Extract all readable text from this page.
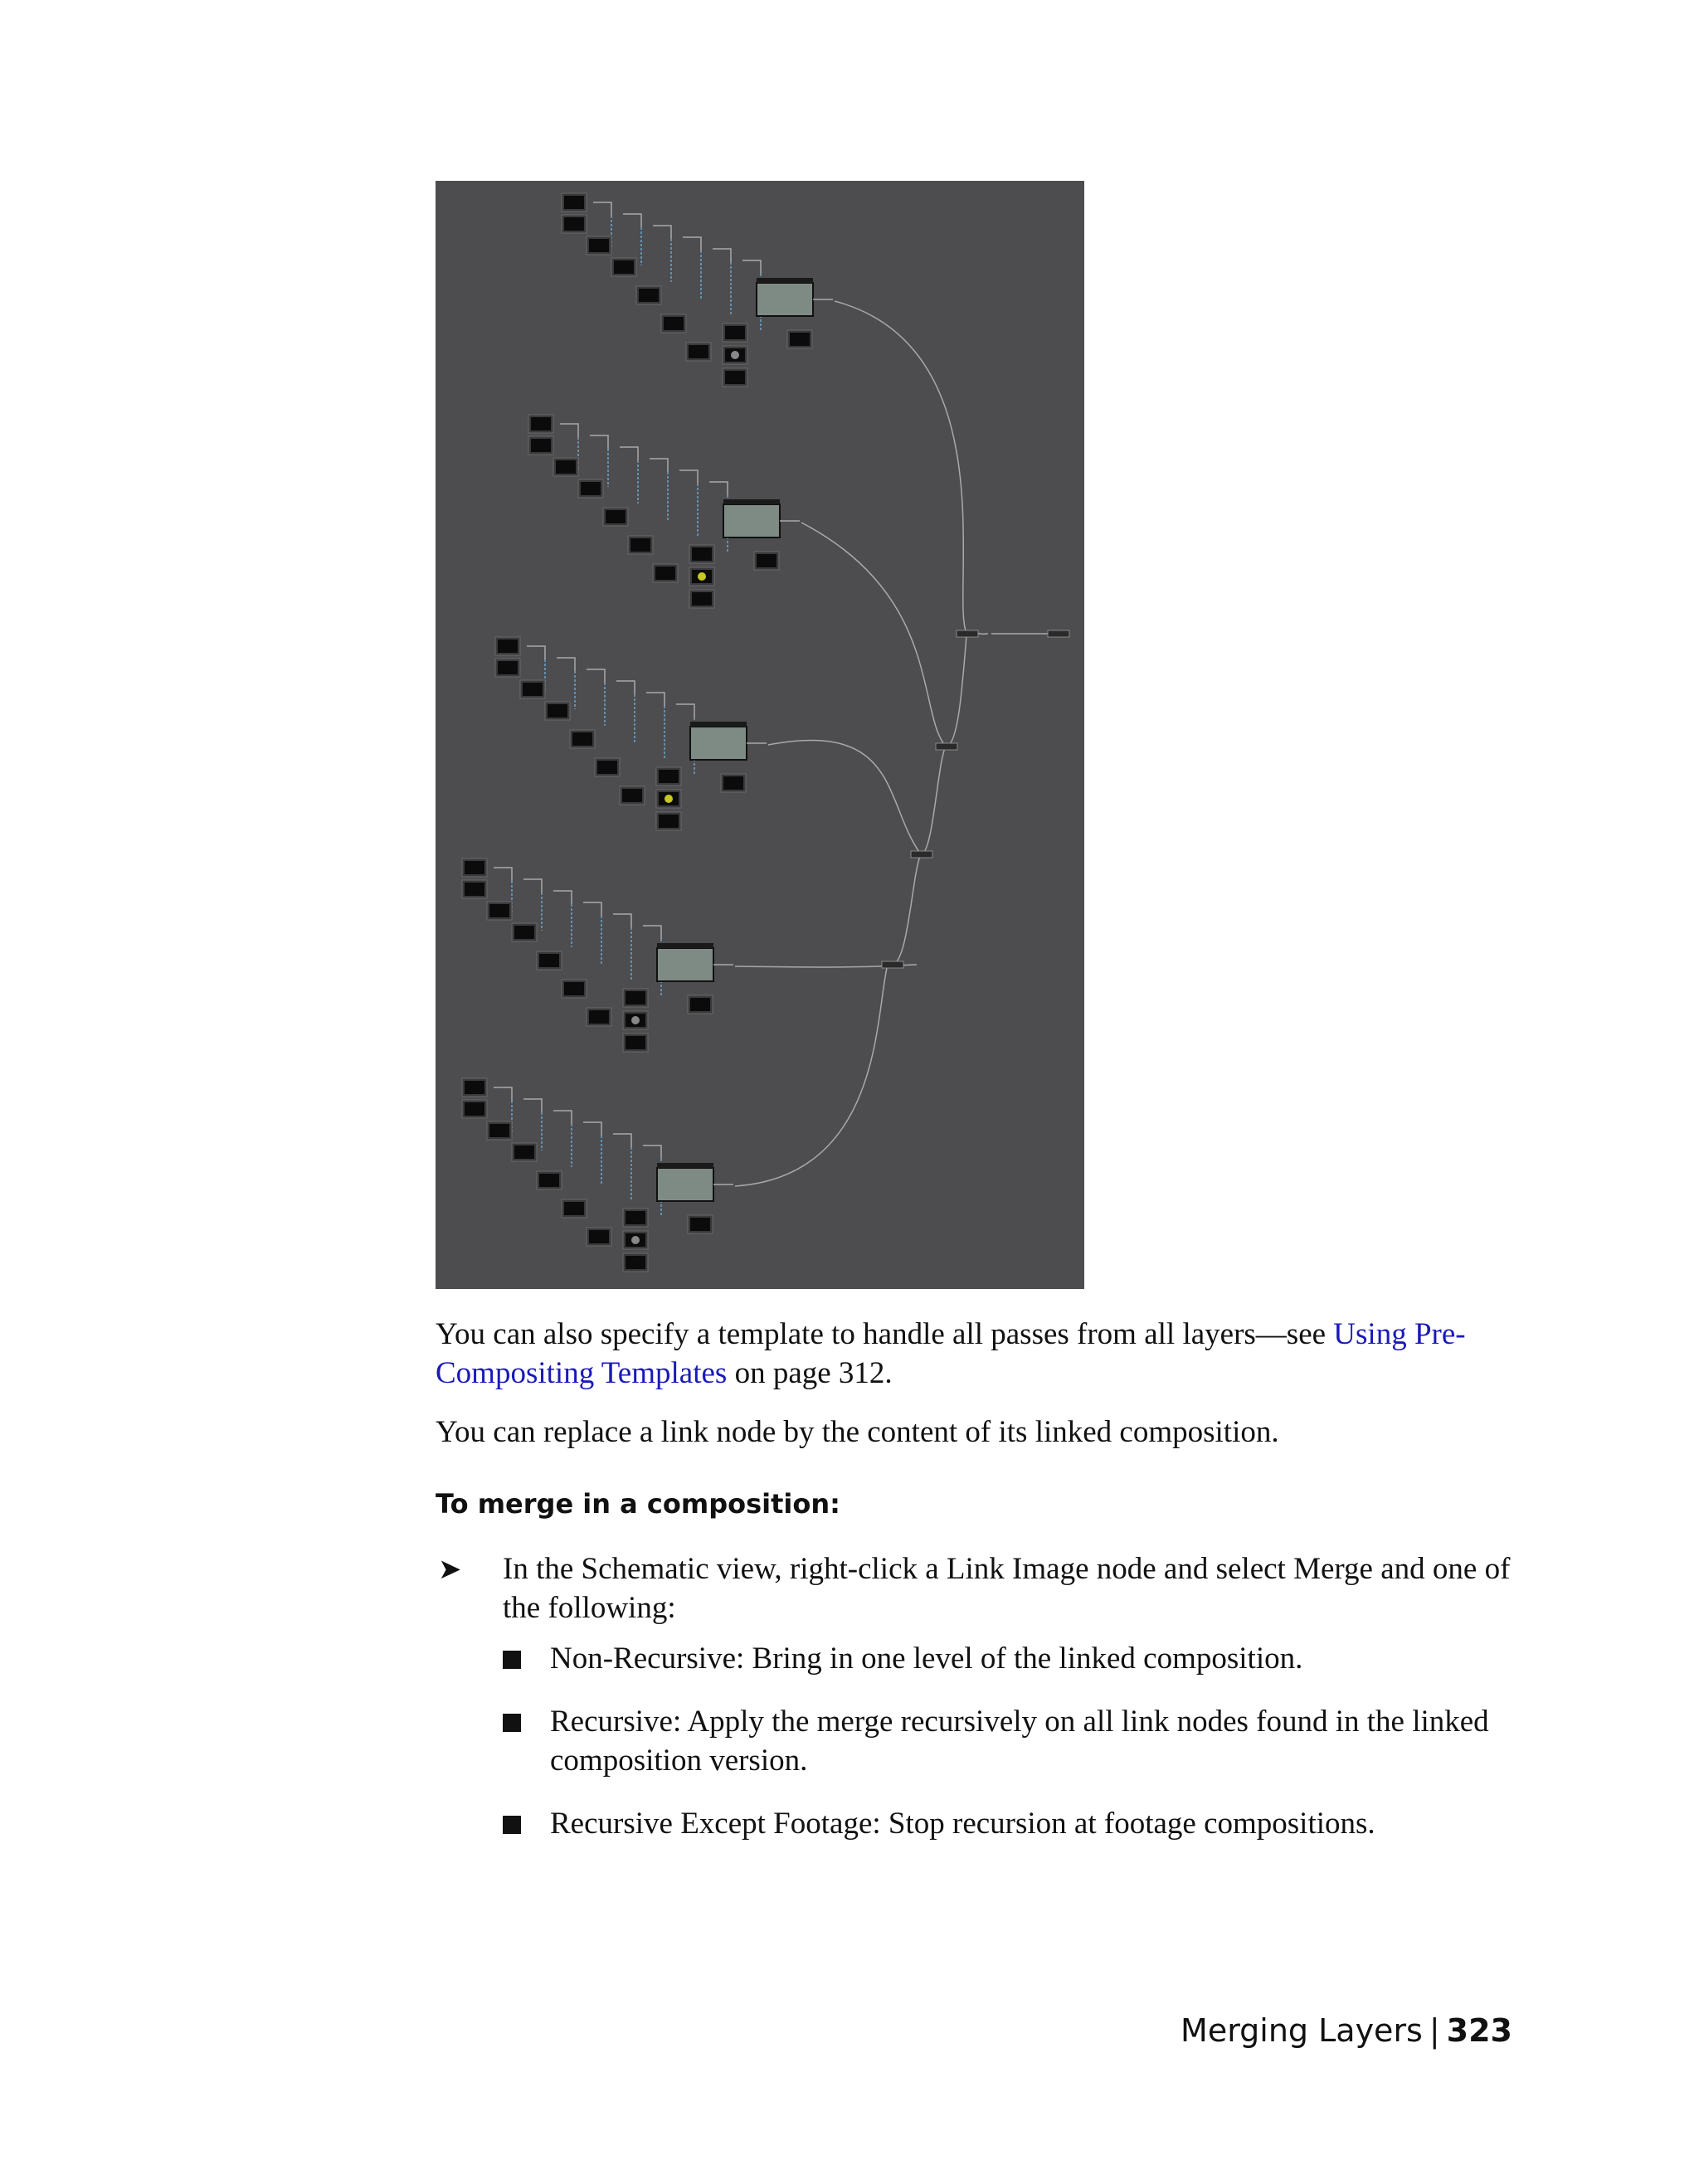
You can also specify a template to handle all passes from all layers—see Using Pre-Compositing Templates on page 312.

You can replace a link node by the content of its linked composition.

To merge in a composition:
➤ In the Schematic view, right-click a Link Image node and select Merge and one of the following:

Non-Recursive: Bring in one level of the linked composition.

Recursive: Apply the merge recursively on all link nodes found in the linked composition version.

Recursive Except Footage: Stop recursion at footage compositions.

Merging Layers | 323
